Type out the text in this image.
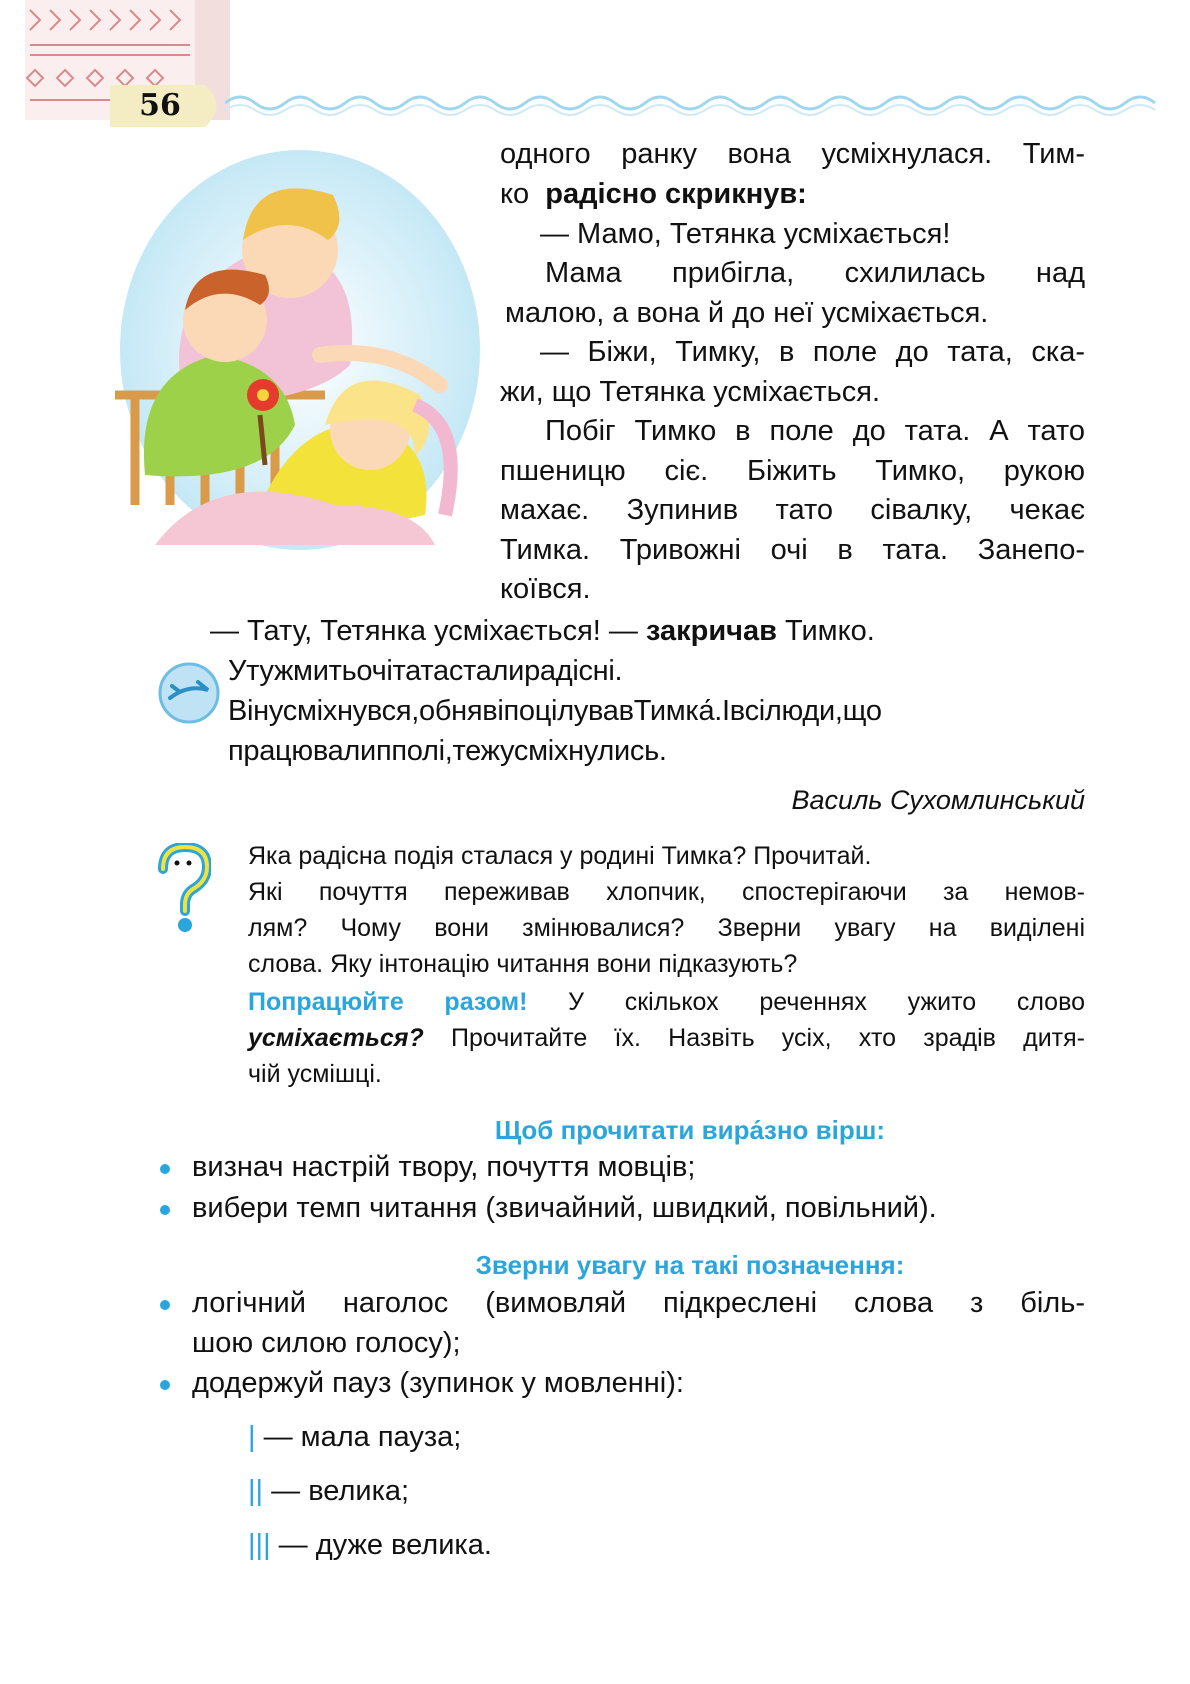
56
одного ранку вона усміхнулася. Тим-
ко радісно скрикнув:
— Мамо, Тетянка усміхається!
Мама прибігла, схилилась над
малою, а вона й до неї усміхається.
— Біжи, Тимку, в поле до тата, ска-
жи, що Тетянка усміхається.
Побіг Тимко в поле до тата. А тато
пшеницю сіє. Біжить Тимко, рукою
махає. Зупинив тато сівалку, чекає
Тимка. Тривожні очі в тата. Занепо-
коївся.
— Тату, Тетянка усміхається! — закричав Тимко.
Утужмитьочітатасталирадісні.
Вінусміхнувся,обнявіпоцілувавТимка́.Івсілюди,що
працювалипполі,тежусміхнулись.
Василь Сухомлинський
Яка радісна подія сталася у родині Тимка? Прочитай.
Які почуття переживав хлопчик, спостерігаючи за немов-
лям? Чому вони змінювалися? Зверни увагу на виділені
слова. Яку інтонацію читання вони підказують?
Попрацюйте разом! У скількох реченнях ужито слово
усміхається? Прочитайте їх. Назвіть усіх, хто зрадів дитя-
чій усмішці.
Щоб прочитати вира́зно вірш:
визнач настрій твору, почуття мовців;
вибери темп читання (звичайний, швидкий, повільний).
Зверни увагу на такі позначення:
логічний наголос (вимовляй підкреслені слова з біль-
шою силою голосу);
додержуй пауз (зупинок у мовленні):
| — мала пауза;
|| — велика;
||| — дуже велика.
